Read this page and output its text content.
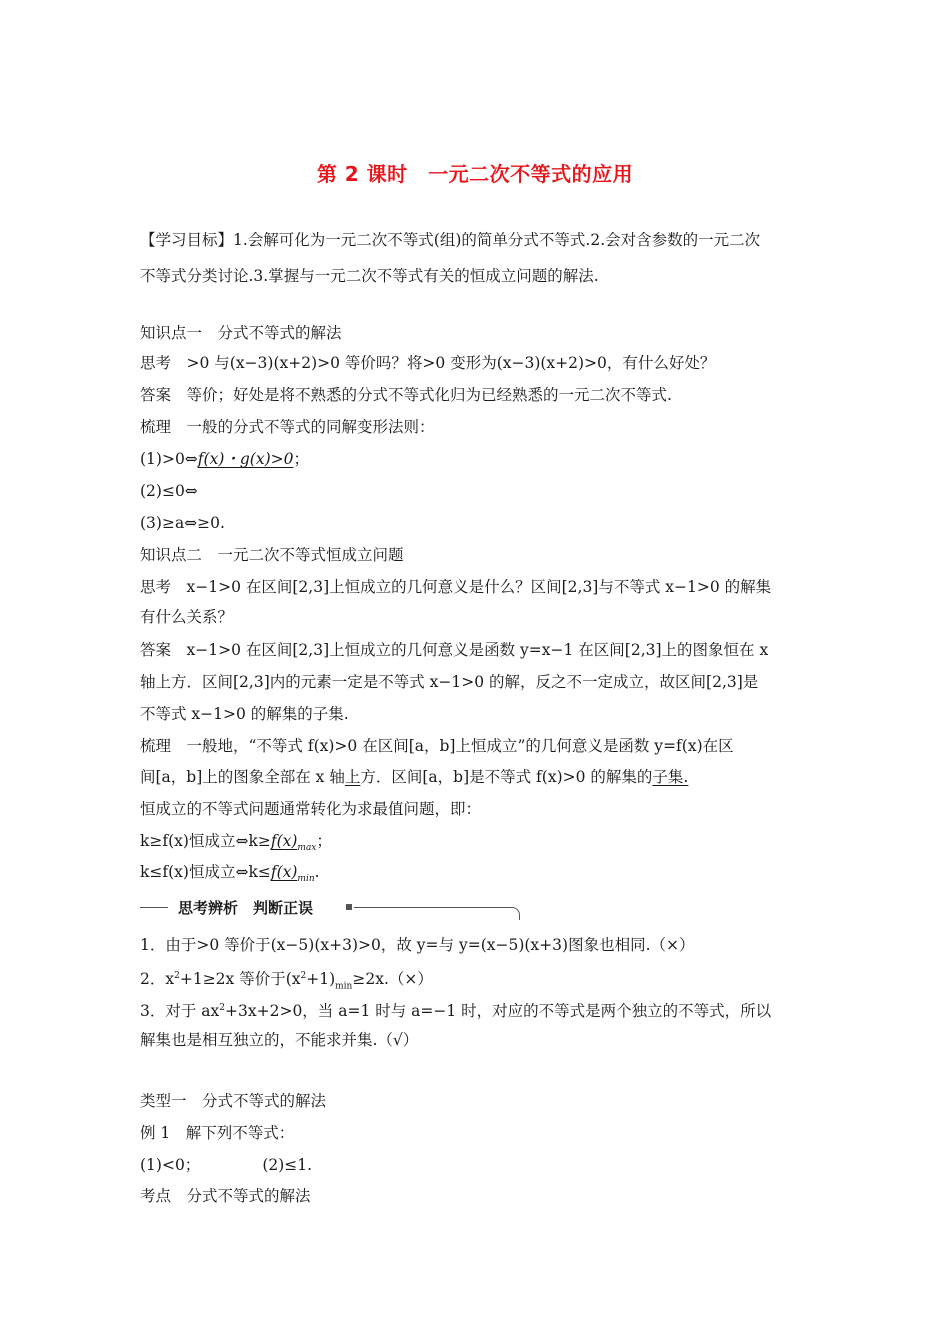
第 2 课时　一元二次不等式的应用
【学习目标】1.会解可化为一元二次不等式(组)的简单分式不等式.2.会对含参数的一元二次
不等式分类讨论.3.掌握与一元二次不等式有关的恒成立问题的解法.
知识点一　分式不等式的解法
思考　>0 与(x−3)(x+2)>0 等价吗？将>0 变形为(x−3)(x+2)>0，有什么好处？
答案　等价；好处是将不熟悉的分式不等式化归为已经熟悉的一元二次不等式.
梳理　一般的分式不等式的同解变形法则：
(1)>0⇔f(x)・g(x)>0；
(2)≤0⇔
(3)≥a⇔≥0.
知识点二　一元二次不等式恒成立问题
思考　x−1>0 在区间[2,3]上恒成立的几何意义是什么？区间[2,3]与不等式 x−1>0 的解集
有什么关系？
答案　x−1>0 在区间[2,3]上恒成立的几何意义是函数 y=x−1 在区间[2,3]上的图象恒在 x
轴上方．区间[2,3]内的元素一定是不等式 x−1>0 的解，反之不一定成立，故区间[2,3]是
不等式 x−1>0 的解集的子集.
梳理　一般地，“不等式 f(x)>0 在区间[a，b]上恒成立”的几何意义是函数 y=f(x)在区
间[a，b]上的图象全部在 x 轴上方．区间[a，b]是不等式 f(x)>0 的解集的子集.
恒成立的不等式问题通常转化为求最值问题，即：
k≥f(x)恒成立$\Leftrightarrow k\ge f(x)_{max}$；
k≤f(x)恒成立$\Leftrightarrow k\le f(x)_{min}$.
思考辨析　判断正误
1．由于>0 等价于(x−5)(x+3)>0，故 y=与 y=(x−5)(x+3)图象也相同.（×）
2．$x^2+1\ge 2x$ 等价于$(x^2+1)_{min}\ge 2x.(\times)$
3．对于 $ax^2+3x+2>0$，当 a=1 时与 a=−1 时，对应的不等式是两个独立的不等式，所以
解集也是相互独立的，不能求并集.（√）
类型一　分式不等式的解法
例 1　解下列不等式：
(1)<0；	(2)≤1.
考点　分式不等式的解法
